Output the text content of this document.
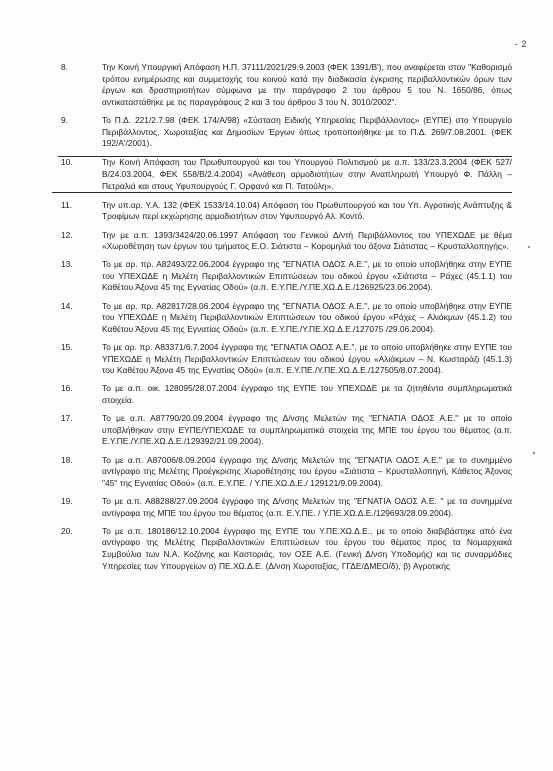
- 2
8.	Την Κοινή Υπουργική Απόφαση Η.Π. 37111/2021/29.9.2003 (ΦΕΚ 1391/Β'), που αναφέρεται στον "Καθορισμό τρόπου ενημέρωσης και συμμετοχής του κοινού κατά την διαδικασία έγκρισης περιβαλλοντικών όρων των έργων και δραστηριοτήτων σύμφωνα με την παράγραφο 2 του άρθρου 5 του Ν. 1650/86, όπως αντικαταστάθηκε με τις παραγράφους 2 και 3 του άρθρου 3 του Ν. 3010/2002".
9.	Το Π.Δ. 221/2.7.98 (ΦΕΚ 174/Α/98) «Σύσταση Ειδικής Υπηρεσίας Περιβάλλοντος» (ΕΥΠΕ) στο Υπουργείο Περιβάλλοντος, Χωροταξίας και Δημοσίων Έργων όπως τροποποιήθηκε με το Π.Δ. 269/7.08.2001. (ΦΕΚ 192/Α'/2001).
10.	Την Κοινή Απόφαση του Πρωθυπουργού και του Υπουργού Πολιτισμού με α.π. 133/23.3.2004 (ΦΕΚ 527/Β/24.03.2004, ΦΕΚ 558/Β/2.4.2004) «Ανάθεση αρμοδιοτήτων στην Αναπληρωτή Υπουργό Φ. Πάλλη – Πετραλιά και στους Υφυπουργούς Γ. Ορφανό και Π. Τατούλη».
11.	Την υπ.αρ. Υ.Α. 132 (ΦΕΚ 1533/14.10.04) Απόφαση του Πρωθυπουργού και του Υπ. Αγροτικής Ανάπτυξης & Τροφίμων περί εκχώρησης αρμοδιοτήτων στον Υφυπουργό Αλ. Κοντό.
12.	Την με α.π. 1393/3424/20.06.1997 Απόφαση του Γενικού Δ/ντή Περιβάλλοντος του ΥΠΕΧΩΔΕ με θέμα «Χωροθέτηση των έργων του τμήματος Ε.Ο. Σιάτιστα – Κορομηλιά του άξονα Σιάτιστας – Κρυσταλλοπηγής».
13.	Το με αρ. πρ. Α82493/22.06.2004 έγγραφο της "ΕΓΝΑΤΙΑ ΟΔΟΣ Α.Ε.", με το οποίο υποβλήθηκε στην ΕΥΠΕ του ΥΠΕΧΩΔΕ η Μελέτη Περιβαλλοντικών Επιπτώσεων του οδικού έργου «Σιάτιστα – Ράχες (45.1.1) του Καθέτου Άξονα 45 της Εγνατίας Οδού» (α.π. Ε.Υ.ΠΕ./Υ.ΠΕ.ΧΩ.Δ.Ε./126925/23.06.2004).
14.	Το με αρ. πρ. Α82817/28.06.2004 έγγραφο της "ΕΓΝΑΤΙΑ ΟΔΟΣ Α.Ε.", με το οποίο υποβλήθηκε στην ΕΥΠΕ του ΥΠΕΧΩΔΕ η Μελέτη Περιβαλλοντικών Επιπτώσεων του οδικού έργου «Ράχες – Αλιάκμων (45.1.2) του Καθέτου Άξονα 45 της Εγνατίας Οδού» (α.π. Ε.Υ.ΠΕ./Υ.ΠΕ.ΧΩ.Δ.Ε./127075 /29.06.2004).
15.	Το με αρ. πρ. Α83371/6.7.2004 έγγραφο της "ΕΓΝΑΤΙΑ ΟΔΟΣ Α.Ε.", με το οποίο υποβλήθηκε στην ΕΥΠΕ του ΥΠΕΧΩΔΕ η Μελέτη Περιβαλλοντικών Επιπτώσεων του οδικού έργου «Αλιάκμων – Ν. Κωσταράζι (45.1.3) του Καθέτου Άξονα 45 της Εγνατίας Οδού» (α.π. Ε.Υ.ΠΕ./Υ.ΠΕ.ΧΩ.Δ.Ε./127505/8.07.2004).
16.	Το με α.π. οικ. 128095/28.07.2004 έγγραφο της ΕΥΠΕ του ΥΠΕΧΩΔΕ με τα ζητηθέντα συμπληρωματικά στοιχεία.
17.	Το με α.π. Α87790/20.09.2004 έγγραφο της Δ/νσης Μελετών της "ΕΓΝΑΤΙΑ ΟΔΟΣ Α.Ε." με το οποίο υποβλήθηκαν στην ΕΥΠΕ/ΥΠΕΧΩΔΕ τα συμπληρωματικά στοιχεία της ΜΠΕ του έργου του θέματος (α.π. Ε.Υ.ΠΕ./Υ.ΠΕ.ΧΩ.Δ.Ε./129392/21.09.2004).
18.	Το με α.π. Α87006/8.09.2004 έγγραφο της Δ/νσης Μελετών της "ΕΓΝΑΤΙΑ ΟΔΟΣ Α.Ε." με το συνημμένο αντίγραφο της Μελέτης Προέγκρισης Χωροθέτησης του έργου «Σιάτιστα – Κρυσταλλοπηγή, Κάθετος Άξονας "45" της Εγνατίας Οδού» (α.π. Ε.Υ.ΠΕ. / Υ.ΠΕ.ΧΩ.Δ.Ε./ 129121/9.09.2004).
19.	Το με α.π. Α88288/27.09.2004 έγγραφο της Δ/νσης Μελετών της "ΕΓΝΑΤΙΑ ΟΔΟΣ Α.Ε. " με τα συνημμένα αντίγραφα της ΜΠΕ του έργου του θέματος (α.π. Ε.Υ.ΠΕ. / Υ.ΠΕ.ΧΩ.Δ.Ε./129693/28.09.2004).
20.	Το με α.π. 180186/12.10.2004 έγγραφο της ΕΥΠΕ του Υ.ΠΕ.ΧΩ.Δ.Ε., με το οποίο διαβιβάστηκε από ένα αντίγραφο της Μελέτης Περιβαλλοντικών Επιπτώσεων του έργου του θέματος προς τα Νομαρχιακά Συμβούλια των Ν.Α. Κοζάνης και Καστοριάς, τον ΟΣΕ Α.Ε. (Γενική Δ/νση Υποδομής) και τις συναρμόδιες Υπηρεσίες των Υπουργείων α) ΠΕ.ΧΩ.Δ.Ε. (Δ/νση Χωροταξίας, ΓΓΔΕ/ΔΜΕΟ/δ), β) Αγροτικής
